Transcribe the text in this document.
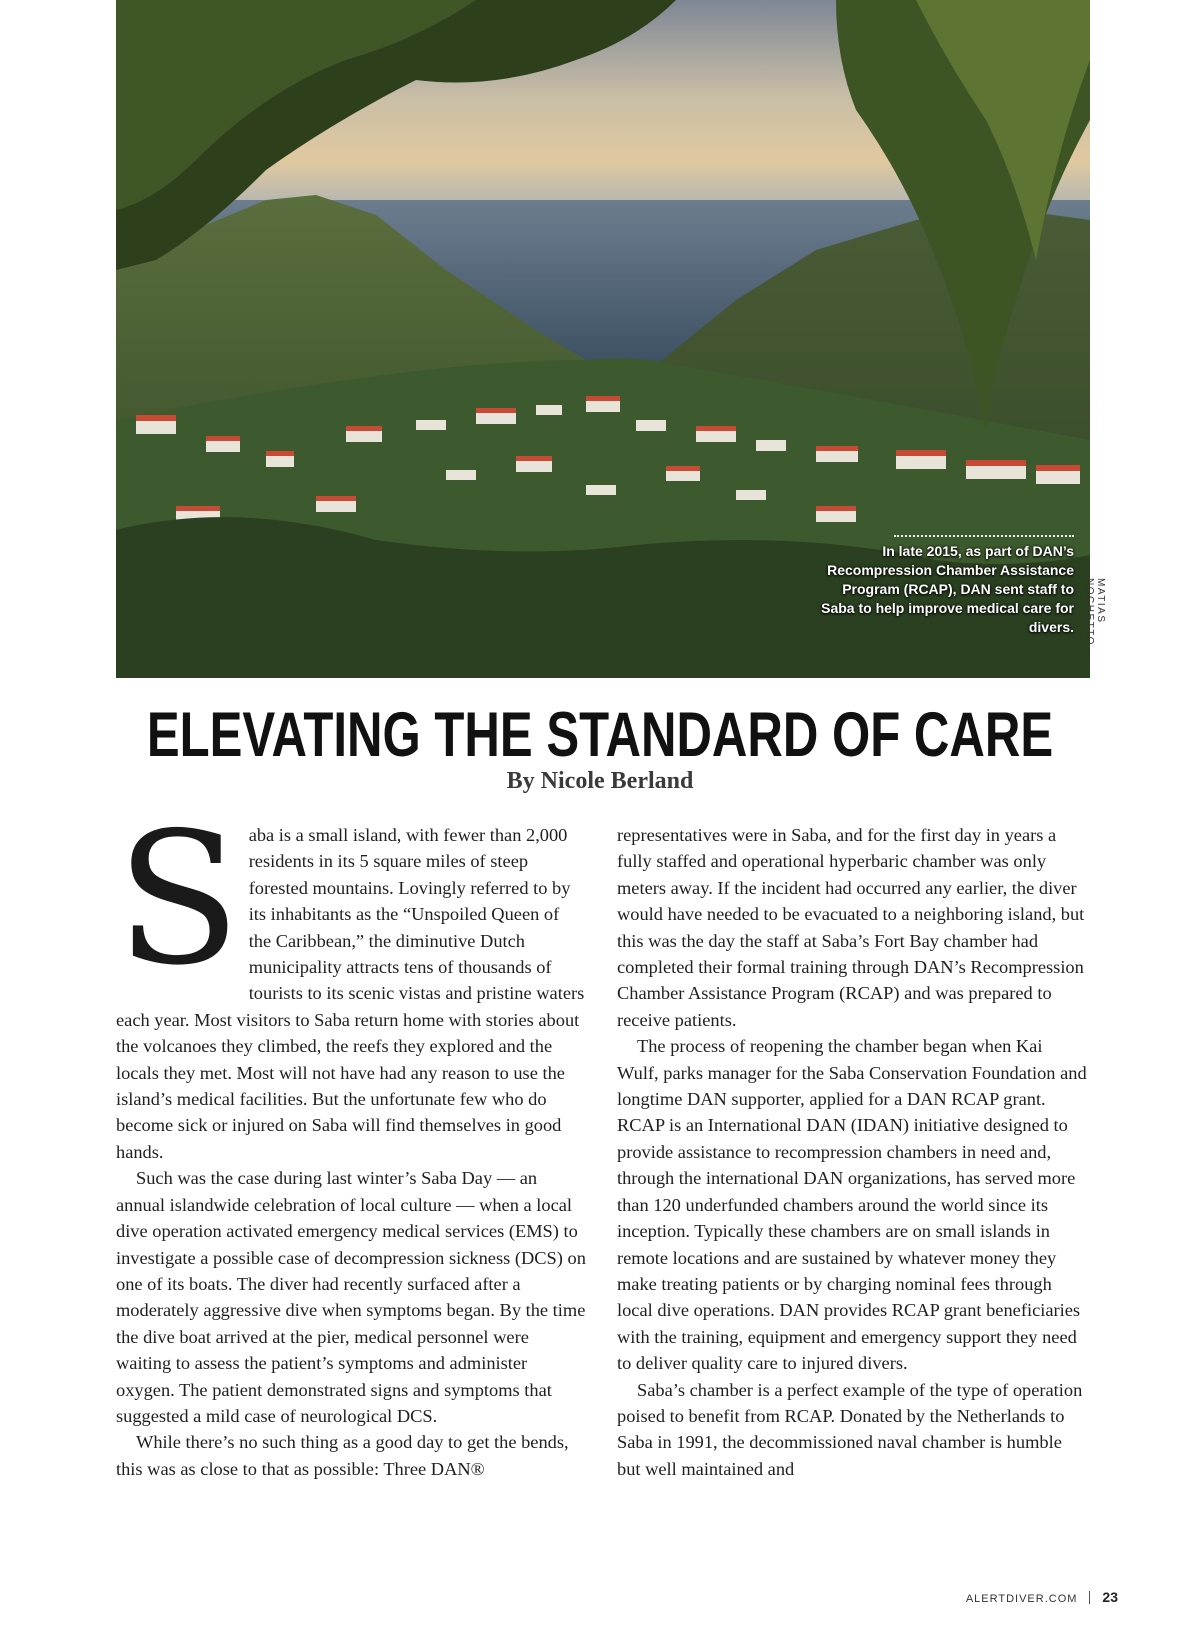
In late 2015, as part of DAN’s Recompression Chamber Assistance Program (RCAP), DAN sent staff to Saba to help improve medical care for divers.
MATIAS NOCHETTO
ELEVATING THE STANDARD OF CARE
By Nicole Berland

Saba is a small island, with fewer than 2,000 residents in its 5 square miles of steep forested mountains. Lovingly referred to by its inhabitants as the “Unspoiled Queen of the Caribbean,” the diminutive Dutch municipality attracts tens of thousands of tourists to its scenic vistas and pristine waters each year. Most visitors to Saba return home with stories about the volcanoes they climbed, the reefs they explored and the locals they met. Most will not have had any reason to use the island’s medical facilities. But the unfortunate few who do become sick or injured on Saba will find themselves in good hands.

Such was the case during last winter’s Saba Day — an annual islandwide celebration of local culture — when a local dive operation activated emergency medical services (EMS) to investigate a possible case of decompression sickness (DCS) on one of its boats. The diver had recently surfaced after a moderately aggressive dive when symptoms began. By the time the dive boat arrived at the pier, medical personnel were waiting to assess the patient’s symptoms and administer oxygen. The patient demonstrated signs and symptoms that suggested a mild case of neurological DCS.

While there’s no such thing as a good day to get the bends, this was as close to that as possible: Three DAN®

representatives were in Saba, and for the first day in years a fully staffed and operational hyperbaric chamber was only meters away. If the incident had occurred any earlier, the diver would have needed to be evacuated to a neighboring island, but this was the day the staff at Saba’s Fort Bay chamber had completed their formal training through DAN’s Recompression Chamber Assistance Program (RCAP) and was prepared to receive patients.

The process of reopening the chamber began when Kai Wulf, parks manager for the Saba Conservation Foundation and longtime DAN supporter, applied for a DAN RCAP grant. RCAP is an International DAN (IDAN) initiative designed to provide assistance to recompression chambers in need and, through the international DAN organizations, has served more than 120 underfunded chambers around the world since its inception. Typically these chambers are on small islands in remote locations and are sustained by whatever money they make treating patients or by charging nominal fees through local dive operations. DAN provides RCAP grant beneficiaries with the training, equipment and emergency support they need to deliver quality care to injured divers.

Saba’s chamber is a perfect example of the type of operation poised to benefit from RCAP. Donated by the Netherlands to Saba in 1991, the decommissioned naval chamber is humble but well maintained and

ALERTDIVER.COM 23
